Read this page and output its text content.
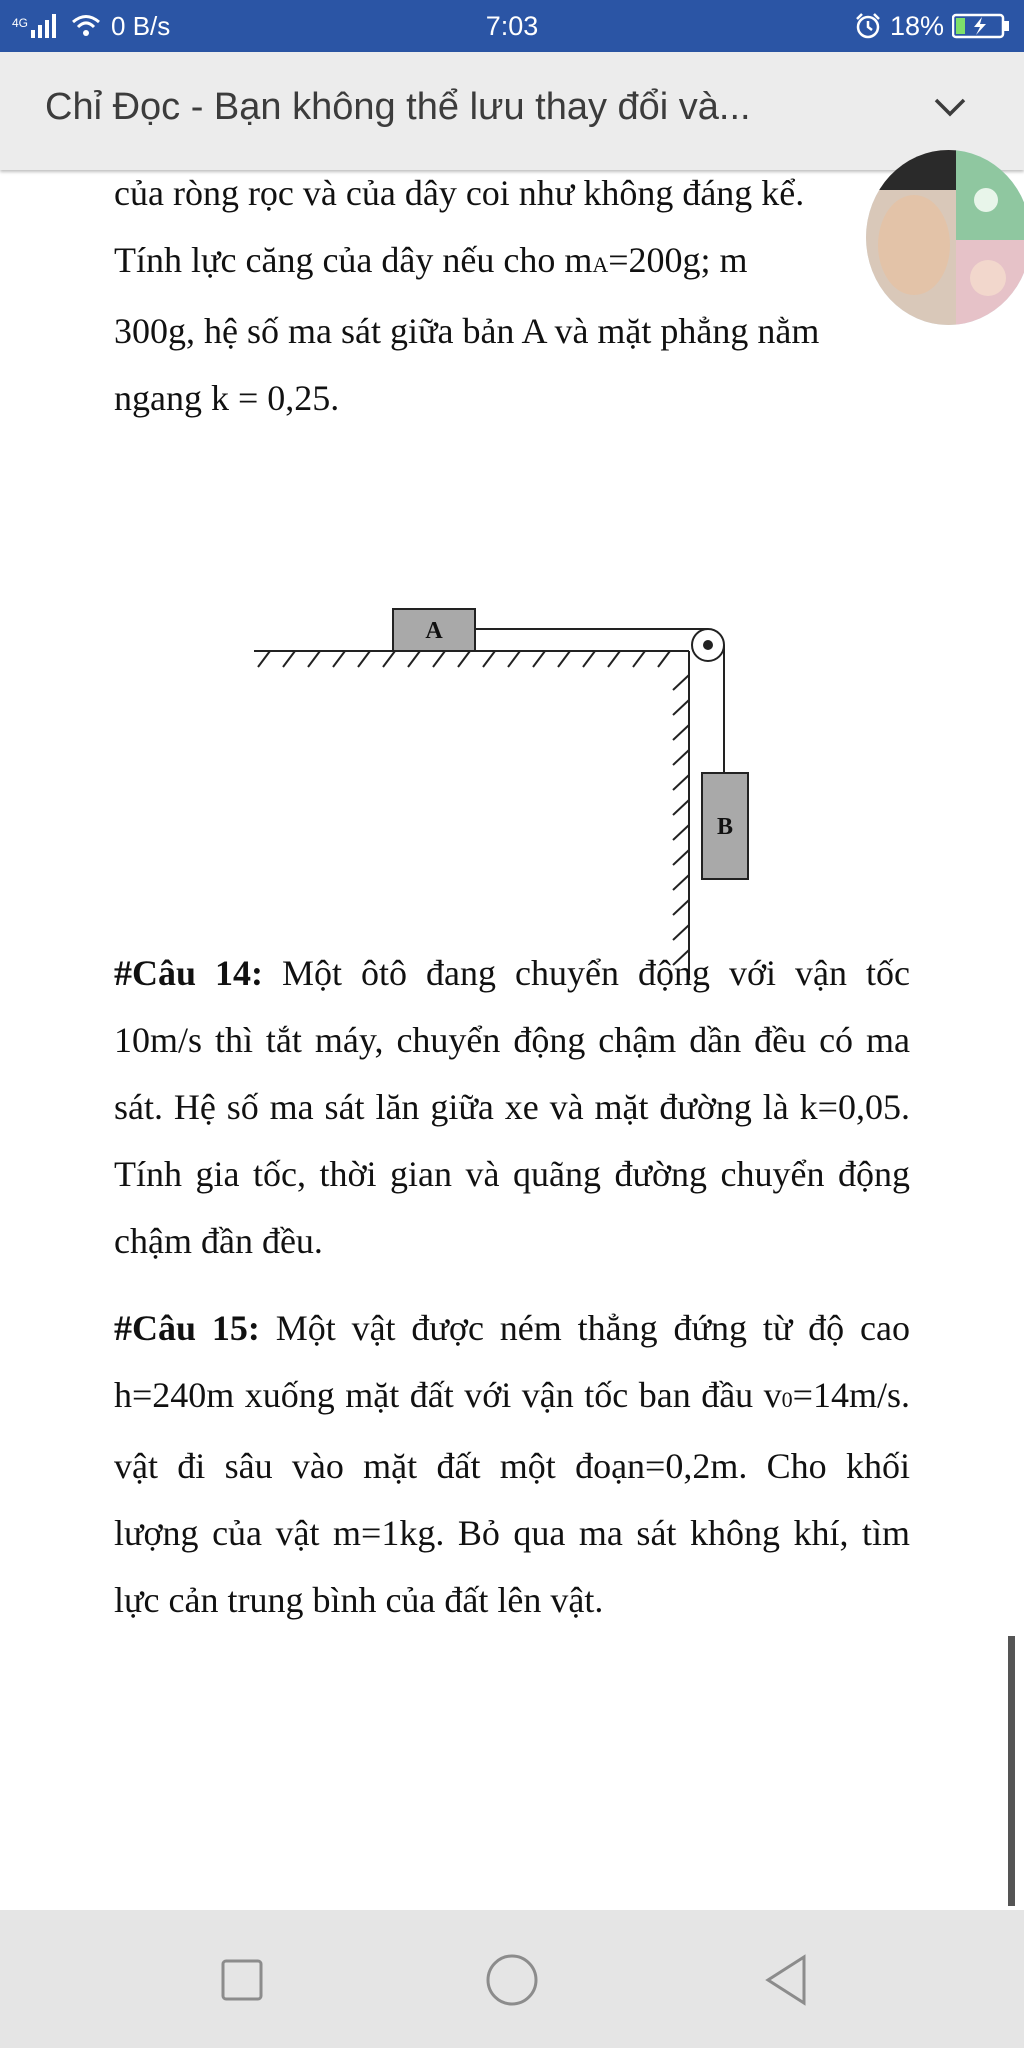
4G	0 B/s	7:03	18%
Chỉ Đọc - Bạn không thể lưu thay đổi và...
của ròng rọc và của dây coi như không đáng kể.
Tính lực căng của dây nếu cho mA=200g; m
300g, hệ số ma sát giữa bản A và mặt phẳng nằm
ngang k = 0,25.
A
B
#Câu 14: Một ôtô đang chuyển động với vận tốc 10m/s thì tắt máy, chuyển động chậm dần đều có ma sát. Hệ số ma sát lăn giữa xe và mặt đường là k=0,05. Tính gia tốc, thời gian và quãng đường chuyển động chậm đần đều.
#Câu 15: Một vật được ném thẳng đứng từ độ cao h=240m xuống mặt đất với vận tốc ban đầu v0=14m/s. vật đi sâu vào mặt đất một đoạn=0,2m. Cho khối lượng của vật m=1kg. Bỏ qua ma sát không khí, tìm lực cản trung bình của đất lên vật.
